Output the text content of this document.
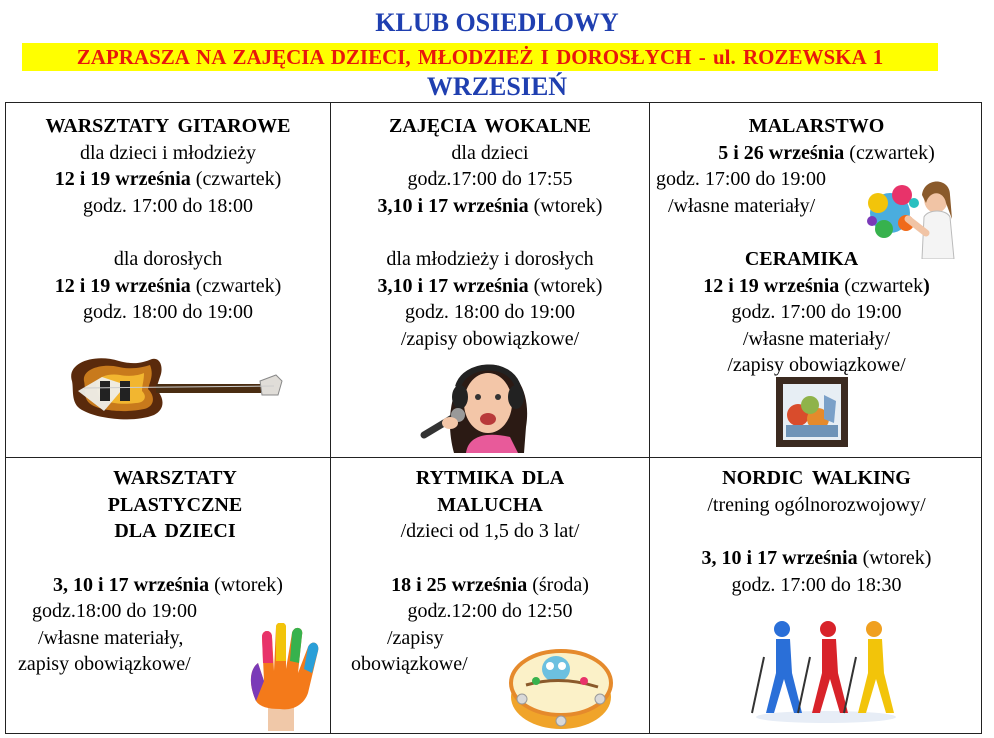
KLUB OSIEDLOWY
ZAPRASZA NA ZAJĘCIA DZIECI, MŁODZIEŻ I DOROSŁYCH - ul. ROZEWSKA 1
WRZESIEŃ
WARSZTATY GITAROWE
dla dzieci i młodzieży
12 i 19 września (czwartek)
godz. 17:00 do 18:00
dla dorosłych
12 i 19 września (czwartek)
godz. 18:00 do 19:00
ZAJĘCIA WOKALNE
dla dzieci
godz.17:00 do 17:55
3,10 i 17 września (wtorek)
dla młodzieży i dorosłych
3,10 i 17 września (wtorek)
godz. 18:00 do 19:00
/zapisy obowiązkowe/
MALARSTWO
5 i 26 września (czwartek)
godz. 17:00 do 19:00
/własne materiały/
CERAMIKA
12 i 19 września (czwartek)
godz. 17:00 do 19:00
/własne materiały/
/zapisy obowiązkowe/
WARSZTATY
PLASTYCZNE
DLA DZIECI
3, 10 i 17 września (wtorek)
godz.18:00 do 19:00
/własne materiały,
zapisy obowiązkowe/
RYTMIKA DLA
MALUCHA
/dzieci od 1,5 do 3 lat/
18 i 25 września (środa)
godz.12:00 do 12:50
/zapisy
obowiązkowe/
NORDIC WALKING
/trening ogólnorozwojowy/
3, 10 i 17 września (wtorek)
godz. 17:00 do 18:30
